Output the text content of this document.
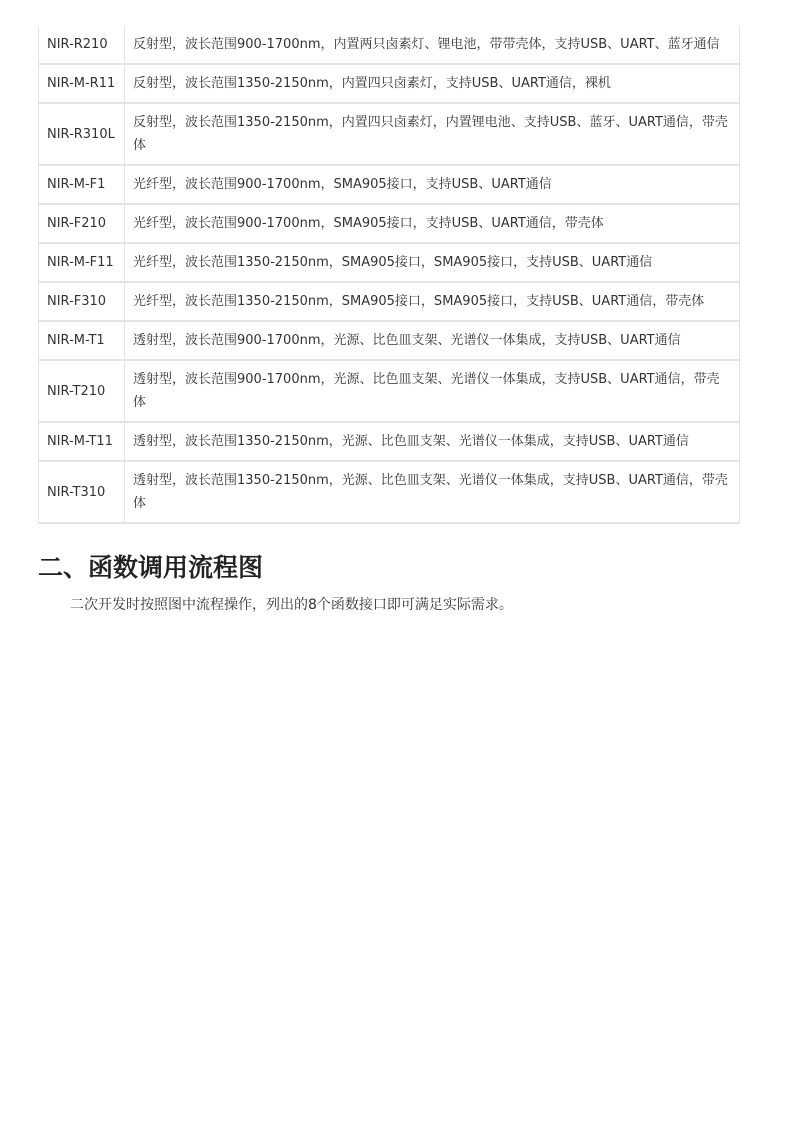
NIR-R210	反射型，波长范围900-1700nm，内置两只卤素灯、锂电池，带带壳体，支持USB、UART、蓝牙通信
NIR-M-R11	反射型，波长范围1350-2150nm，内置四只卤素灯，支持USB、UART通信，裸机
NIR-R310L	反射型，波长范围1350-2150nm，内置四只卤素灯，内置锂电池、支持USB、蓝牙、UART通信，带壳体
NIR-M-F1	光纤型，波长范围900-1700nm，SMA905接口，支持USB、UART通信
NIR-F210	光纤型，波长范围900-1700nm，SMA905接口，支持USB、UART通信，带壳体
NIR-M-F11	光纤型，波长范围1350-2150nm，SMA905接口，SMA905接口，支持USB、UART通信
NIR-F310	光纤型，波长范围1350-2150nm，SMA905接口，SMA905接口，支持USB、UART通信，带壳体
NIR-M-T1	透射型，波长范围900-1700nm，光源、比色皿支架、光谱仪一体集成，支持USB、UART通信
NIR-T210	透射型，波长范围900-1700nm，光源、比色皿支架、光谱仪一体集成，支持USB、UART通信，带壳体
NIR-M-T11	透射型，波长范围1350-2150nm，光源、比色皿支架、光谱仪一体集成，支持USB、UART通信
NIR-T310	透射型，波长范围1350-2150nm，光源、比色皿支架、光谱仪一体集成，支持USB、UART通信，带壳体
二、函数调用流程图

二次开发时按照图中流程操作，列出的8个函数接口即可满足实际需求。
